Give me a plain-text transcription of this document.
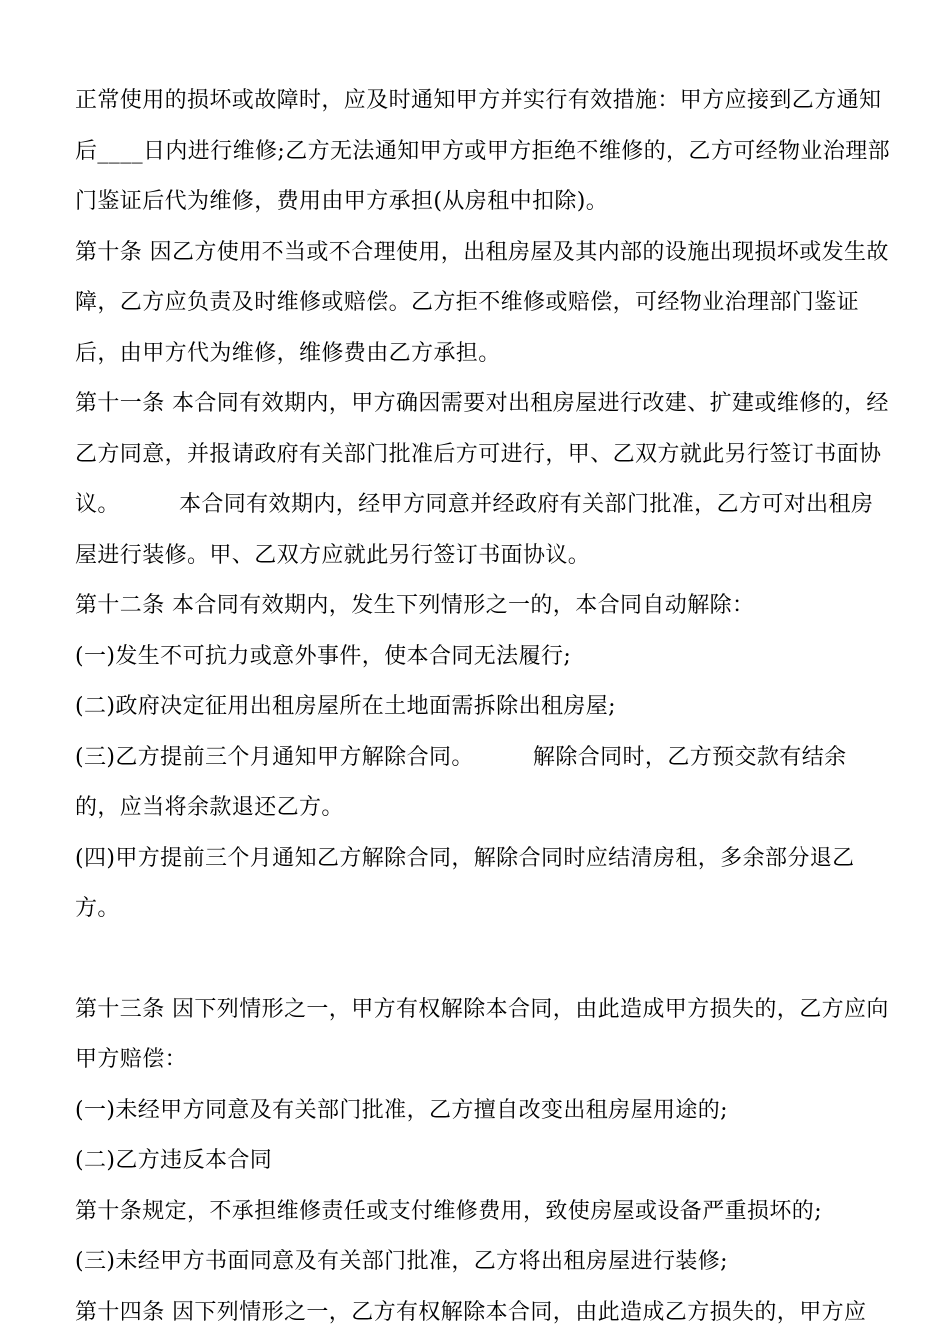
正常使用的损坏或故障时，应及时通知甲方并实行有效措施：甲方应接到乙方通知后____日内进行维修;乙方无法通知甲方或甲方拒绝不维修的，乙方可经物业治理部门鉴证后代为维修，费用由甲方承担(从房租中扣除)。

第十条 因乙方使用不当或不合理使用，出租房屋及其内部的设施出现损坏或发生故障，乙方应负责及时维修或赔偿。乙方拒不维修或赔偿，可经物业治理部门鉴证后，由甲方代为维修，维修费由乙方承担。

第十一条 本合同有效期内，甲方确因需要对出租房屋进行改建、扩建或维修的，经乙方同意，并报请政府有关部门批准后方可进行，甲、乙双方就此另行签订书面协议。        本合同有效期内，经甲方同意并经政府有关部门批准，乙方可对出租房屋进行装修。甲、乙双方应就此另行签订书面协议。

第十二条 本合同有效期内，发生下列情形之一的，本合同自动解除：

(一)发生不可抗力或意外事件，使本合同无法履行;

(二)政府决定征用出租房屋所在土地面需拆除出租房屋;

(三)乙方提前三个月通知甲方解除合同。        解除合同时，乙方预交款有结余的，应当将余款退还乙方。

(四)甲方提前三个月通知乙方解除合同，解除合同时应结清房租，多余部分退乙方。

第十三条 因下列情形之一，甲方有权解除本合同，由此造成甲方损失的，乙方应向甲方赔偿：

(一)未经甲方同意及有关部门批准，乙方擅自改变出租房屋用途的;

(二)乙方违反本合同

第十条规定，不承担维修责任或支付维修费用，致使房屋或设备严重损坏的;

(三)未经甲方书面同意及有关部门批准，乙方将出租房屋进行装修;

第十四条 因下列情形之一，乙方有权解除本合同，由此造成乙方损失的，甲方应
